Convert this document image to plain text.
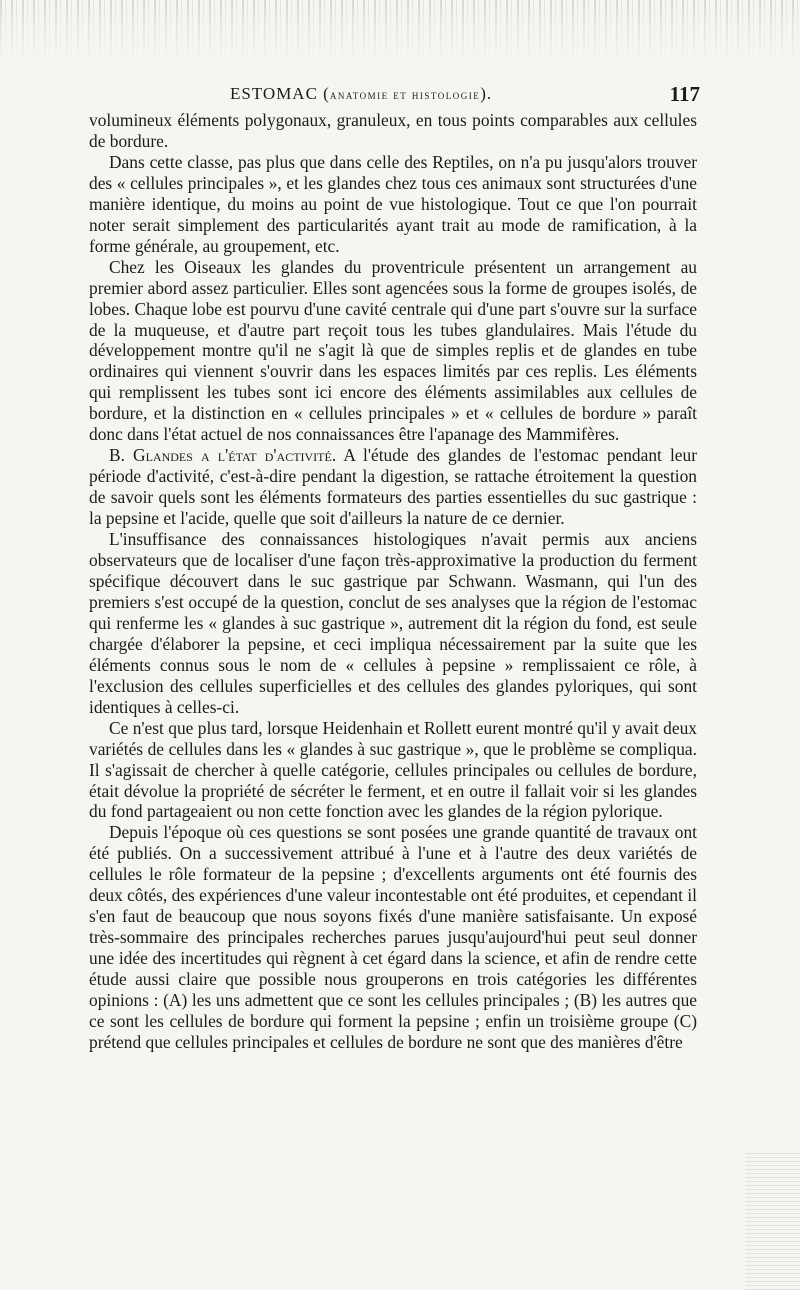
ESTOMAC (anatomie et histologie).	117

volumineux éléments polygonaux, granuleux, en tous points comparables aux cellules de bordure.

Dans cette classe, pas plus que dans celle des Reptiles, on n'a pu jusqu'alors trouver des « cellules principales », et les glandes chez tous ces animaux sont structurées d'une manière identique, du moins au point de vue histologique. Tout ce que l'on pourrait noter serait simplement des particularités ayant trait au mode de ramification, à la forme générale, au groupement, etc.

Chez les Oiseaux les glandes du proventricule présentent un arrangement au premier abord assez particulier. Elles sont agencées sous la forme de groupes isolés, de lobes. Chaque lobe est pourvu d'une cavité centrale qui d'une part s'ouvre sur la surface de la muqueuse, et d'autre part reçoit tous les tubes glandulaires. Mais l'étude du développement montre qu'il ne s'agit là que de simples replis et de glandes en tube ordinaires qui viennent s'ouvrir dans les espaces limités par ces replis. Les éléments qui remplissent les tubes sont ici encore des éléments assimilables aux cellules de bordure, et la distinction en « cellules principales » et « cellules de bordure » paraît donc dans l'état actuel de nos connaissances être l'apanage des Mammifères.

B. Glandes a l'état d'activité. A l'étude des glandes de l'estomac pendant leur période d'activité, c'est-à-dire pendant la digestion, se rattache étroitement la question de savoir quels sont les éléments formateurs des parties essentielles du suc gastrique : la pepsine et l'acide, quelle que soit d'ailleurs la nature de ce dernier.

L'insuffisance des connaissances histologiques n'avait permis aux anciens observateurs que de localiser d'une façon très-approximative la production du ferment spécifique découvert dans le suc gastrique par Schwann. Wasmann, qui l'un des premiers s'est occupé de la question, conclut de ses analyses que la région de l'estomac qui renferme les « glandes à suc gastrique », autrement dit la région du fond, est seule chargée d'élaborer la pepsine, et ceci impliqua nécessairement par la suite que les éléments connus sous le nom de « cellules à pepsine » remplissaient ce rôle, à l'exclusion des cellules superficielles et des cellules des glandes pyloriques, qui sont identiques à celles-ci.

Ce n'est que plus tard, lorsque Heidenhain et Rollett eurent montré qu'il y avait deux variétés de cellules dans les « glandes à suc gastrique », que le problème se compliqua. Il s'agissait de chercher à quelle catégorie, cellules principales ou cellules de bordure, était dévolue la propriété de sécréter le ferment, et en outre il fallait voir si les glandes du fond partageaient ou non cette fonction avec les glandes de la région pylorique.

Depuis l'époque où ces questions se sont posées une grande quantité de travaux ont été publiés. On a successivement attribué à l'une et à l'autre des deux variétés de cellules le rôle formateur de la pepsine ; d'excellents arguments ont été fournis des deux côtés, des expériences d'une valeur incontestable ont été produites, et cependant il s'en faut de beaucoup que nous soyons fixés d'une manière satisfaisante. Un exposé très-sommaire des principales recherches parues jusqu'aujourd'hui peut seul donner une idée des incertitudes qui règnent à cet égard dans la science, et afin de rendre cette étude aussi claire que possible nous grouperons en trois catégories les différentes opinions : (A) les uns admettent que ce sont les cellules principales ; (B) les autres que ce sont les cellules de bordure qui forment la pepsine ; enfin un troisième groupe (C) prétend que cellules principales et cellules de bordure ne sont que des manières d'être
